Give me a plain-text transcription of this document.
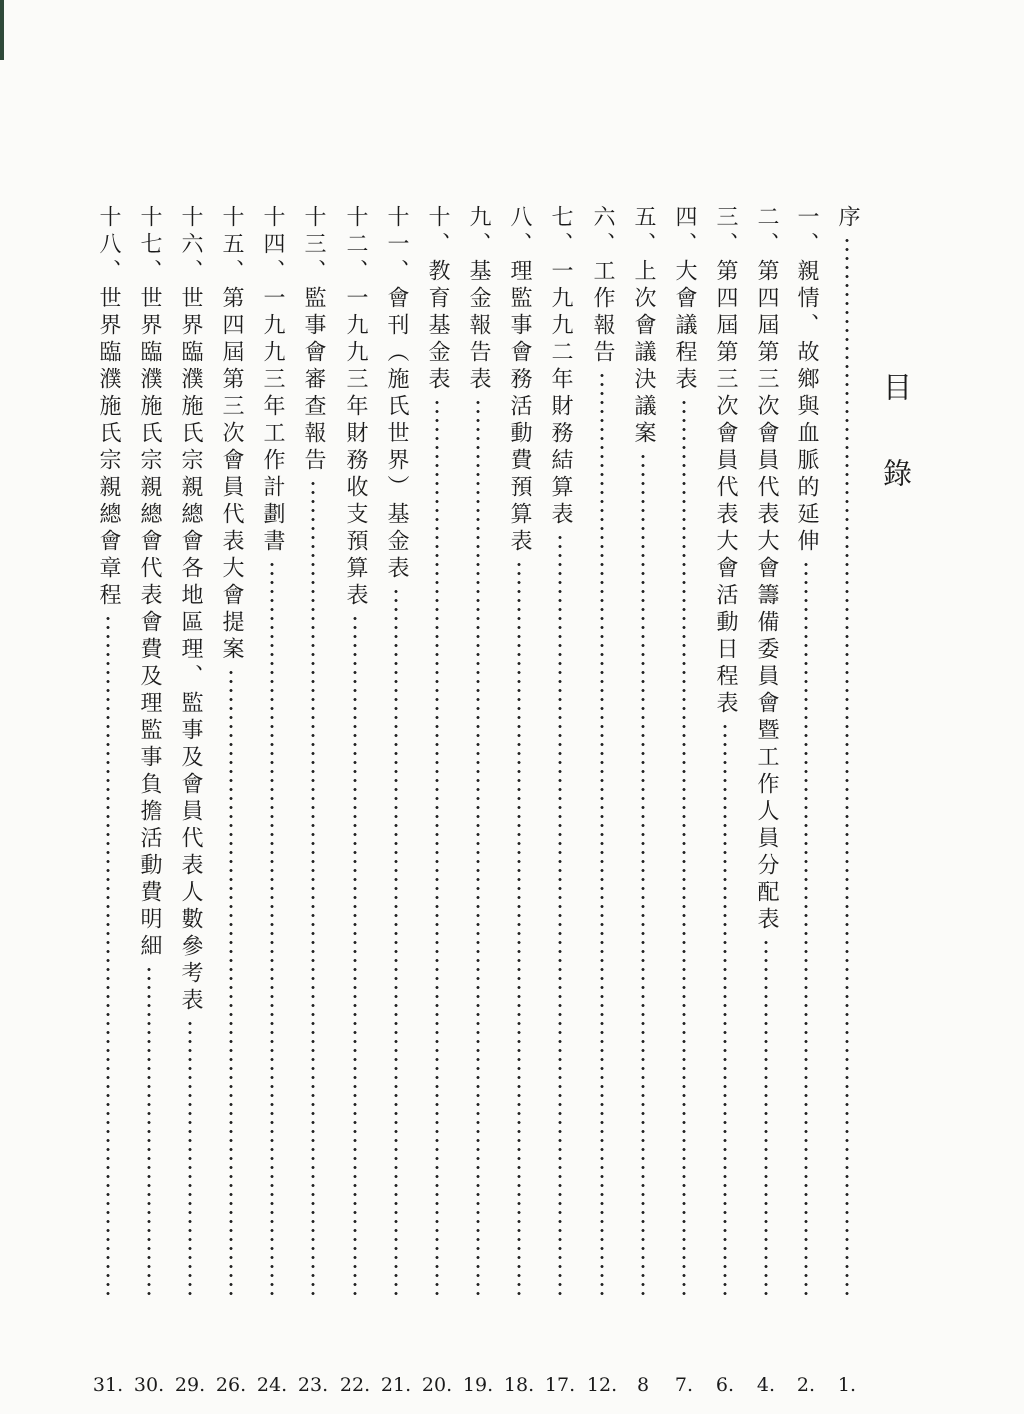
目 錄
序
一、親情、故鄉與血脈的延伸
二、第四屆第三次會員代表大會籌備委員會暨工作人員分配表
三、第四屆第三次會員代表大會活動日程表
四、大會議程表
五、上次會議決議案
六、工作報告
七、一九九二年財務結算表
八、理監事會務活動費預算表
九、基金報告表
十、教育基金表
十一、會刊（施氏世界）基金表
十二、一九九三年財務收支預算表
十三、監事會審查報告
十四、一九九三年工作計劃書
十五、第四屆第三次會員代表大會提案
十六、世界臨濮施氏宗親總會各地區理、監事及會員代表人數參考表
十七、世界臨濮施氏宗親總會代表會費及理監事負擔活動費明細
十八、世界臨濮施氏宗親總會章程
1.
2.
4.
6.
7.
8
12.
17.
18.
19.
20.
21.
22.
23.
24.
26.
29.
30.
31.
